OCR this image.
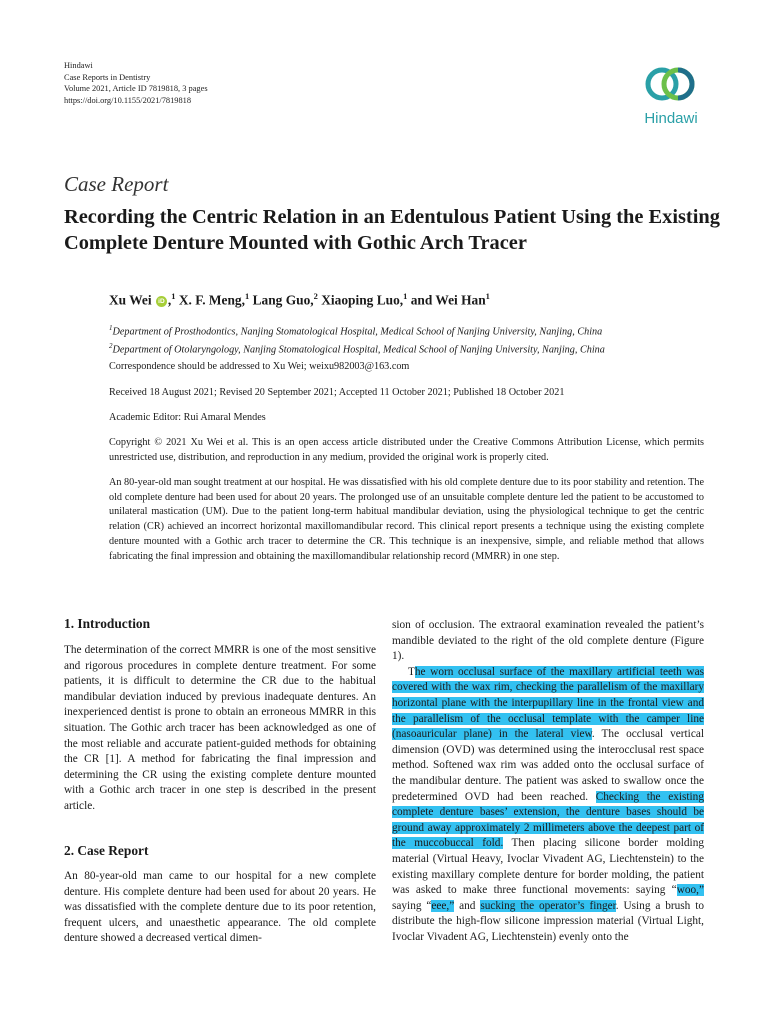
Hindawi
Case Reports in Dentistry
Volume 2021, Article ID 7819818, 3 pages
https://doi.org/10.1155/2021/7819818
Hindawi
Case Report
Recording the Centric Relation in an Edentulous Patient Using the Existing Complete Denture Mounted with Gothic Arch Tracer
Xu Wei iD ,$^1$ X. F. Meng,$^1$ Lang Guo,$^2$ Xiaoping Luo,$^1$ and Wei Han$^1$
$^1$Department of Prosthodontics, Nanjing Stomatological Hospital, Medical School of Nanjing University, Nanjing, China
$^2$Department of Otolaryngology, Nanjing Stomatological Hospital, Medical School of Nanjing University, Nanjing, China
Correspondence should be addressed to Xu Wei; weixu982003@163.com
Received 18 August 2021; Revised 20 September 2021; Accepted 11 October 2021; Published 18 October 2021
Academic Editor: Rui Amaral Mendes
Copyright © 2021 Xu Wei et al. This is an open access article distributed under the Creative Commons Attribution License, which permits unrestricted use, distribution, and reproduction in any medium, provided the original work is properly cited.
An 80-year-old man sought treatment at our hospital. He was dissatisfied with his old complete denture due to its poor stability and retention. The old complete denture had been used for about 20 years. The prolonged use of an unsuitable complete denture led the patient to be accustomed to unilateral mastication (UM). Due to the patient long-term habitual mandibular deviation, using the physiological technique to get the centric relation (CR) achieved an incorrect horizontal maxillomandibular record. This clinical report presents a technique using the existing complete denture mounted with a Gothic arch tracer to determine the CR. This technique is an inexpensive, simple, and reliable method that allows fabricating the final impression and obtaining the maxillomandibular relationship record (MMRR) in one step.
1. Introduction

The determination of the correct MMRR is one of the most sensitive and rigorous procedures in complete denture treatment. For some patients, it is difficult to determine the CR due to the habitual mandibular deviation induced by previous inadequate dentures. An inexperienced dentist is prone to obtain an erroneous MMRR in this situation. The Gothic arch tracer has been acknowledged as one of the most reliable and accurate patient-guided methods for obtaining the CR [1]. A method for fabricating the final impression and determining the CR using the existing complete denture mounted with a Gothic arch tracer in one step is described in the present article.

2. Case Report

An 80-year-old man came to our hospital for a new complete denture. His complete denture had been used for about 20 years. He was dissatisfied with the complete denture due to its poor retention, frequent ulcers, and unaesthetic appearance. The old complete denture showed a decreased vertical dimen-

sion of occlusion. The extraoral examination revealed the patient’s mandible deviated to the right of the old complete denture (Figure 1).

The worn occlusal surface of the maxillary artificial teeth was covered with the wax rim, checking the parallelism of the maxillary horizontal plane with the interpupillary line in the frontal view and the parallelism of the occlusal template with the camper line (nasoauricular plane) in the lateral view. The occlusal vertical dimension (OVD) was determined using the interocclusal rest space method. Softened wax rim was added onto the occlusal surface of the mandibular denture. The patient was asked to swallow once the predetermined OVD had been reached. Checking the existing complete denture bases’ extension, the denture bases should be ground away approximately 2 millimeters above the deepest part of the muccobuccal fold. Then placing silicone border molding material (Virtual Heavy, Ivoclar Vivadent AG, Liechtenstein) to the existing maxillary complete denture for border molding, the patient was asked to make three functional movements: saying “woo,” saying “eee,” and sucking the operator’s finger. Using a brush to distribute the high-flow silicone impression material (Virtual Light, Ivoclar Vivadent AG, Liechtenstein) evenly onto the
